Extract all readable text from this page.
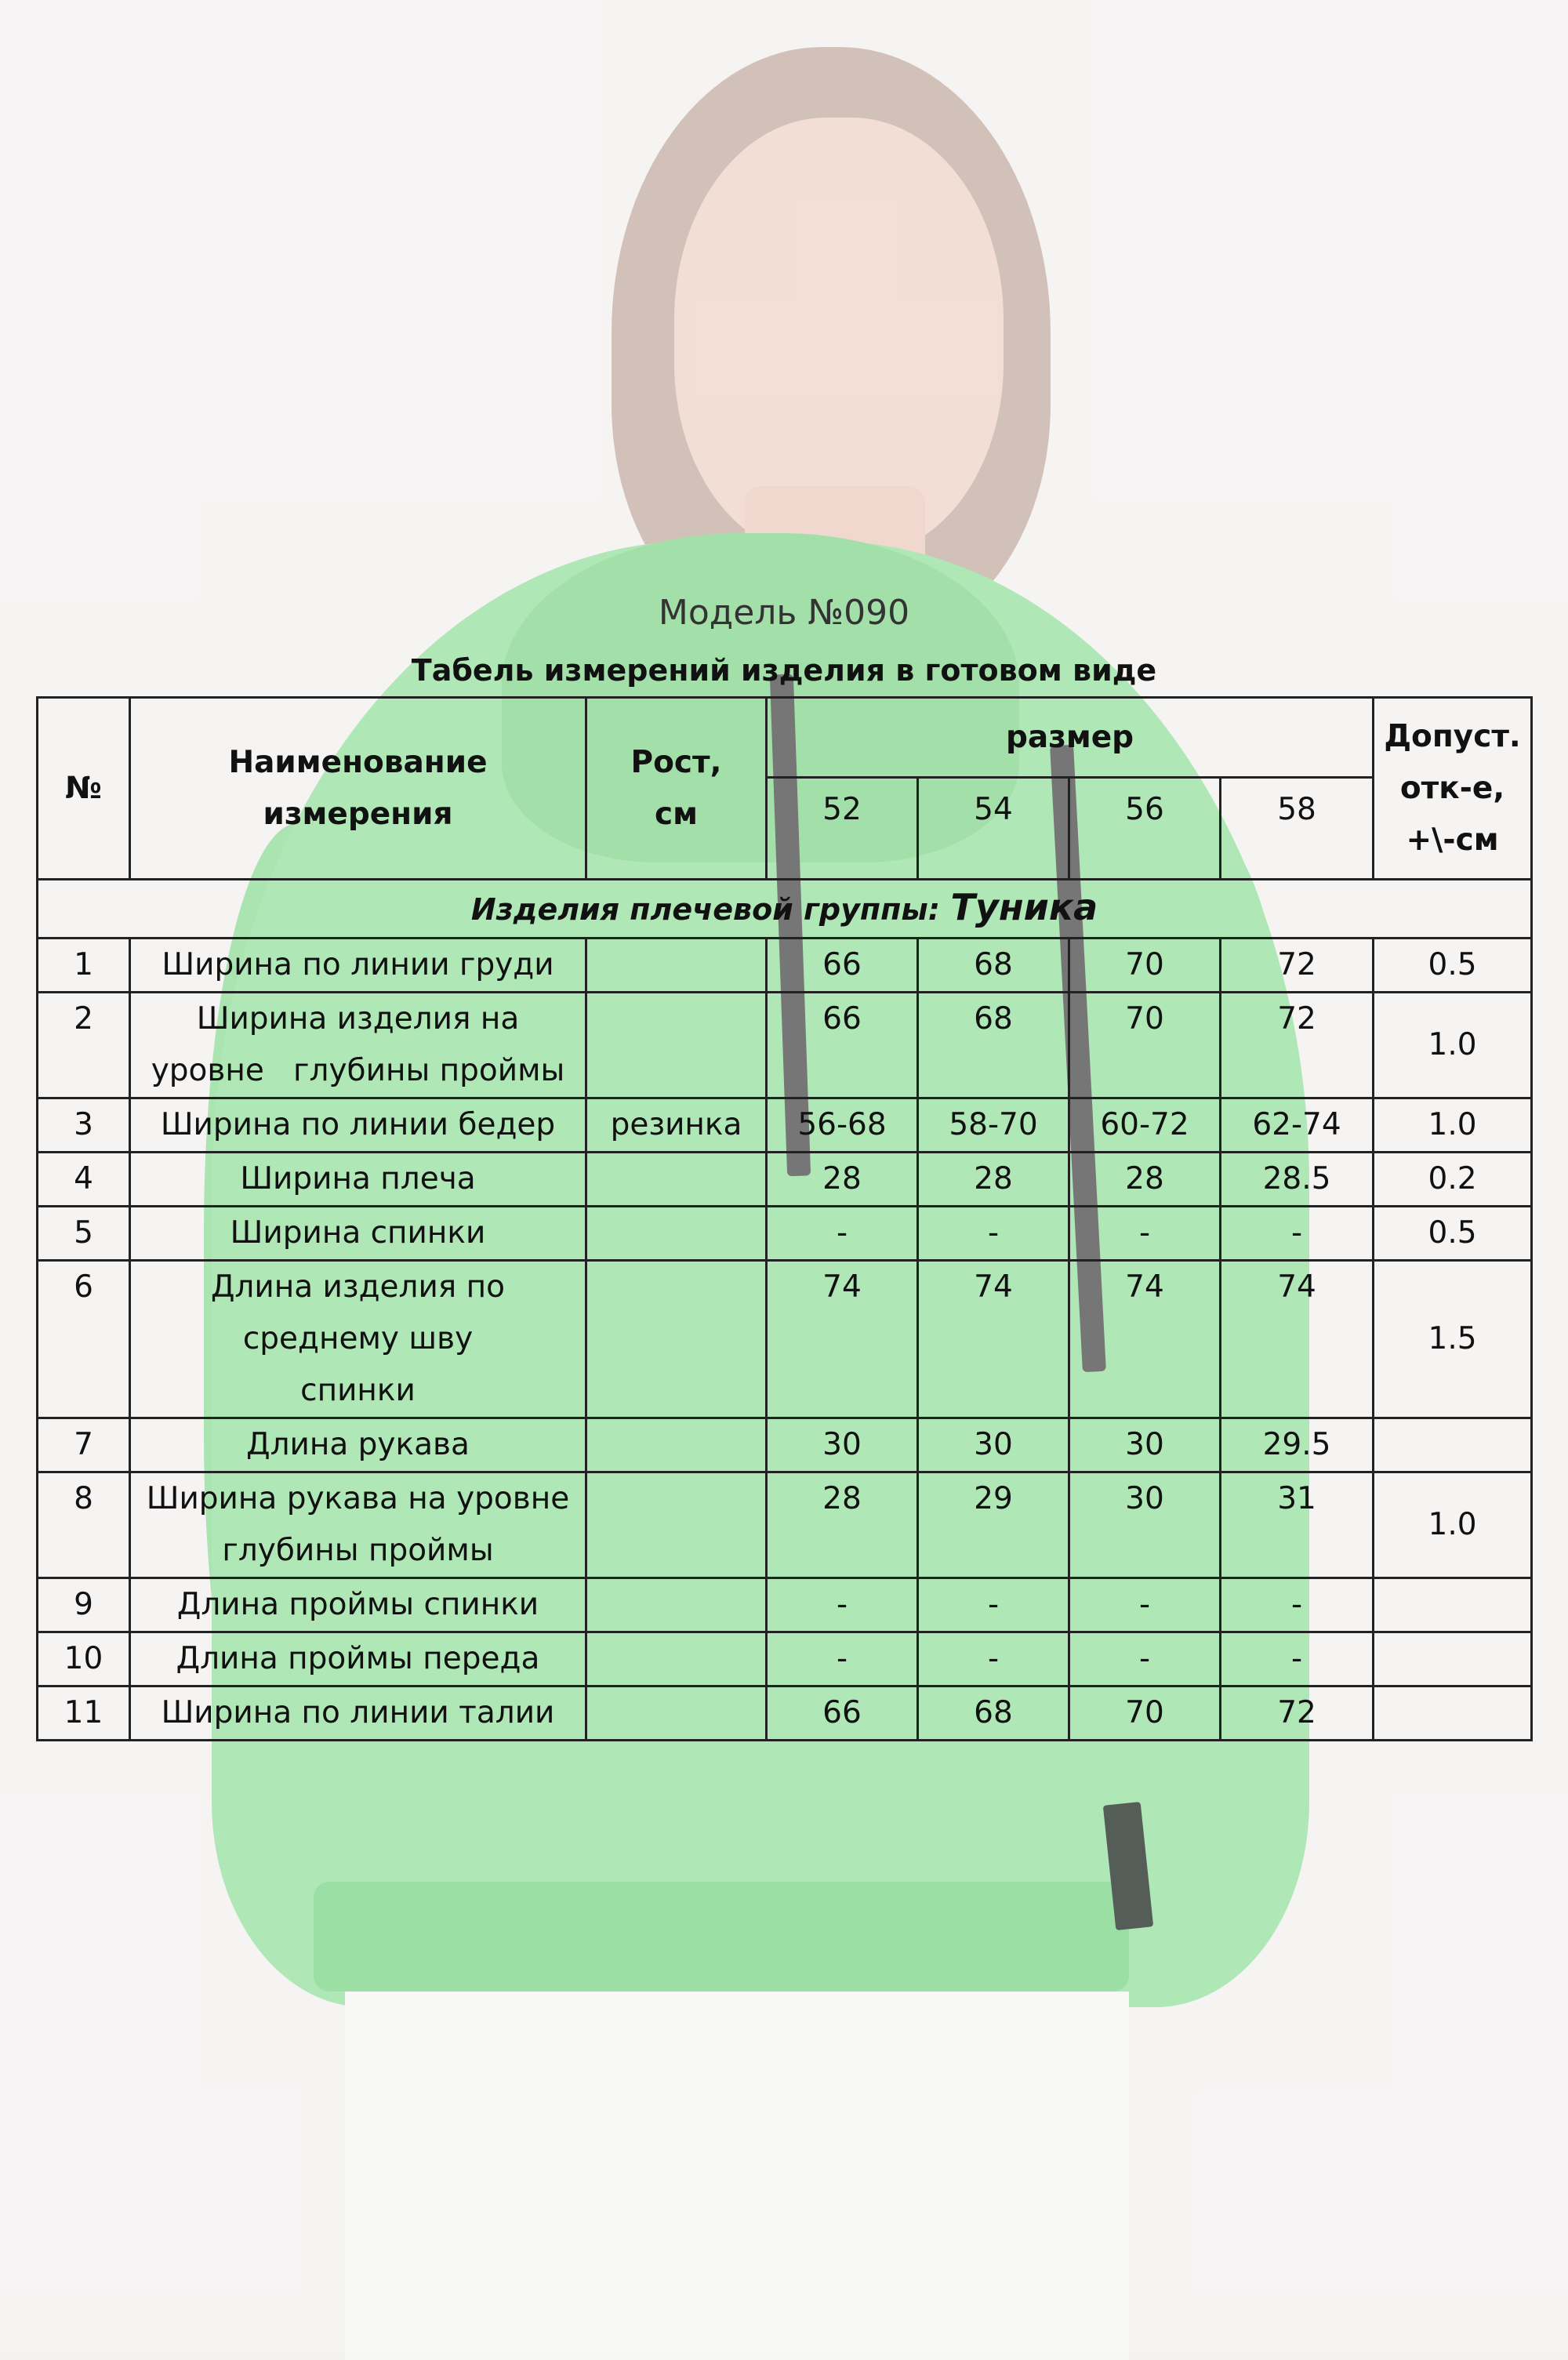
Модель №090
Табель измерений изделия в готовом виде
№	Наименование измерения	Рост, см	размер				Допуст. отк-е, +\-см

			52	54	56	58	
Изделия плечевой группы: Туника							
1	Ширина по линии груди		66	68	70	72	0.5
2	Ширина изделия на уровне   глубины проймы		66	68	70	72	1.0
3	Ширина по линии бедер	резинка	56-68	58-70	60-72	62-74	1.0
4	Ширина плеча		28	28	28	28.5	0.2
5	Ширина спинки		-	-	-	-	0.5
6	Длина изделия по среднему шву спинки		74	74	74	74	1.5
7	Длина рукава		30	30	30	29.5	
8	Ширина рукава на уровне глубины проймы		28	29	30	31	1.0
9	Длина проймы спинки		-	-	-	-	
10	Длина проймы переда		-	-	-	-	
11	Ширина по линии талии		66	68	70	72	
